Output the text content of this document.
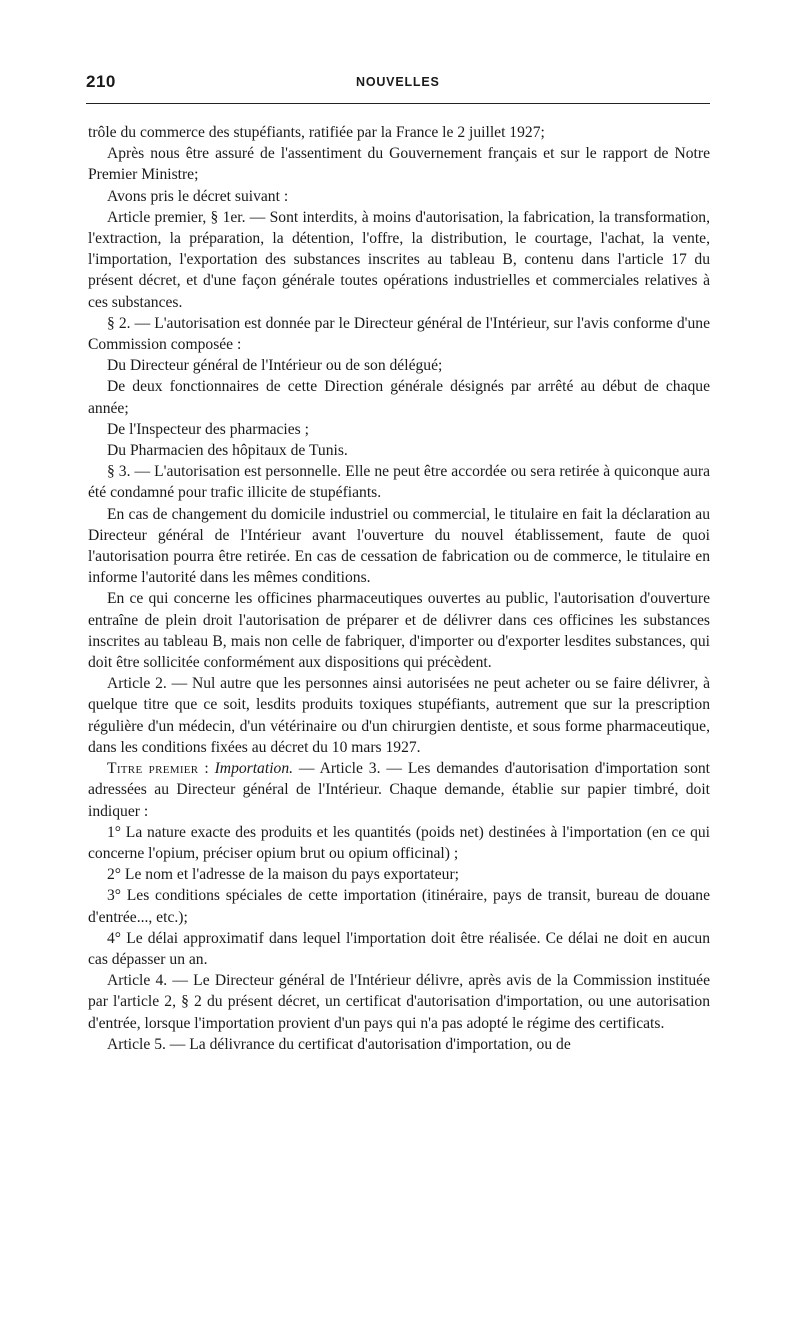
210	NOUVELLES

trôle du commerce des stupéfiants, ratifiée par la France le 2 juillet 1927;

Après nous être assuré de l'assentiment du Gouvernement français et sur le rapport de Notre Premier Ministre;

Avons pris le décret suivant :

Article premier, § 1er. — Sont interdits, à moins d'autorisation, la fabrication, la transformation, l'extraction, la préparation, la détention, l'offre, la distribution, le courtage, l'achat, la vente, l'importation, l'exportation des substances inscrites au tableau B, contenu dans l'article 17 du présent décret, et d'une façon générale toutes opérations industrielles et commerciales relatives à ces substances.

§ 2. — L'autorisation est donnée par le Directeur général de l'Intérieur, sur l'avis conforme d'une Commission composée :

Du Directeur général de l'Intérieur ou de son délégué;

De deux fonctionnaires de cette Direction générale désignés par arrêté au début de chaque année;

De l'Inspecteur des pharmacies ;

Du Pharmacien des hôpitaux de Tunis.

§ 3. — L'autorisation est personnelle. Elle ne peut être accordée ou sera retirée à quiconque aura été condamné pour trafic illicite de stupéfiants.

En cas de changement du domicile industriel ou commercial, le titulaire en fait la déclaration au Directeur général de l'Intérieur avant l'ouverture du nouvel établissement, faute de quoi l'autorisation pourra être retirée. En cas de cessation de fabrication ou de commerce, le titulaire en informe l'autorité dans les mêmes conditions.

En ce qui concerne les officines pharmaceutiques ouvertes au public, l'autorisation d'ouverture entraîne de plein droit l'autorisation de préparer et de délivrer dans ces officines les substances inscrites au tableau B, mais non celle de fabriquer, d'importer ou d'exporter lesdites substances, qui doit être sollicitée conformément aux dispositions qui précèdent.

Article 2. — Nul autre que les personnes ainsi autorisées ne peut acheter ou se faire délivrer, à quelque titre que ce soit, lesdits produits toxiques stupéfiants, autrement que sur la prescription régulière d'un médecin, d'un vétérinaire ou d'un chirurgien dentiste, et sous forme pharmaceutique, dans les conditions fixées au décret du 10 mars 1927.

Titre premier : Importation. — Article 3. — Les demandes d'autorisation d'importation sont adressées au Directeur général de l'Intérieur. Chaque demande, établie sur papier timbré, doit indiquer :

1° La nature exacte des produits et les quantités (poids net) destinées à l'importation (en ce qui concerne l'opium, préciser opium brut ou opium officinal) ;

2° Le nom et l'adresse de la maison du pays exportateur;

3° Les conditions spéciales de cette importation (itinéraire, pays de transit, bureau de douane d'entrée..., etc.);

4° Le délai approximatif dans lequel l'importation doit être réalisée. Ce délai ne doit en aucun cas dépasser un an.

Article 4. — Le Directeur général de l'Intérieur délivre, après avis de la Commission instituée par l'article 2, § 2 du présent décret, un certificat d'autorisation d'importation, ou une autorisation d'entrée, lorsque l'importation provient d'un pays qui n'a pas adopté le régime des certificats.

Article 5. — La délivrance du certificat d'autorisation d'importation, ou de
